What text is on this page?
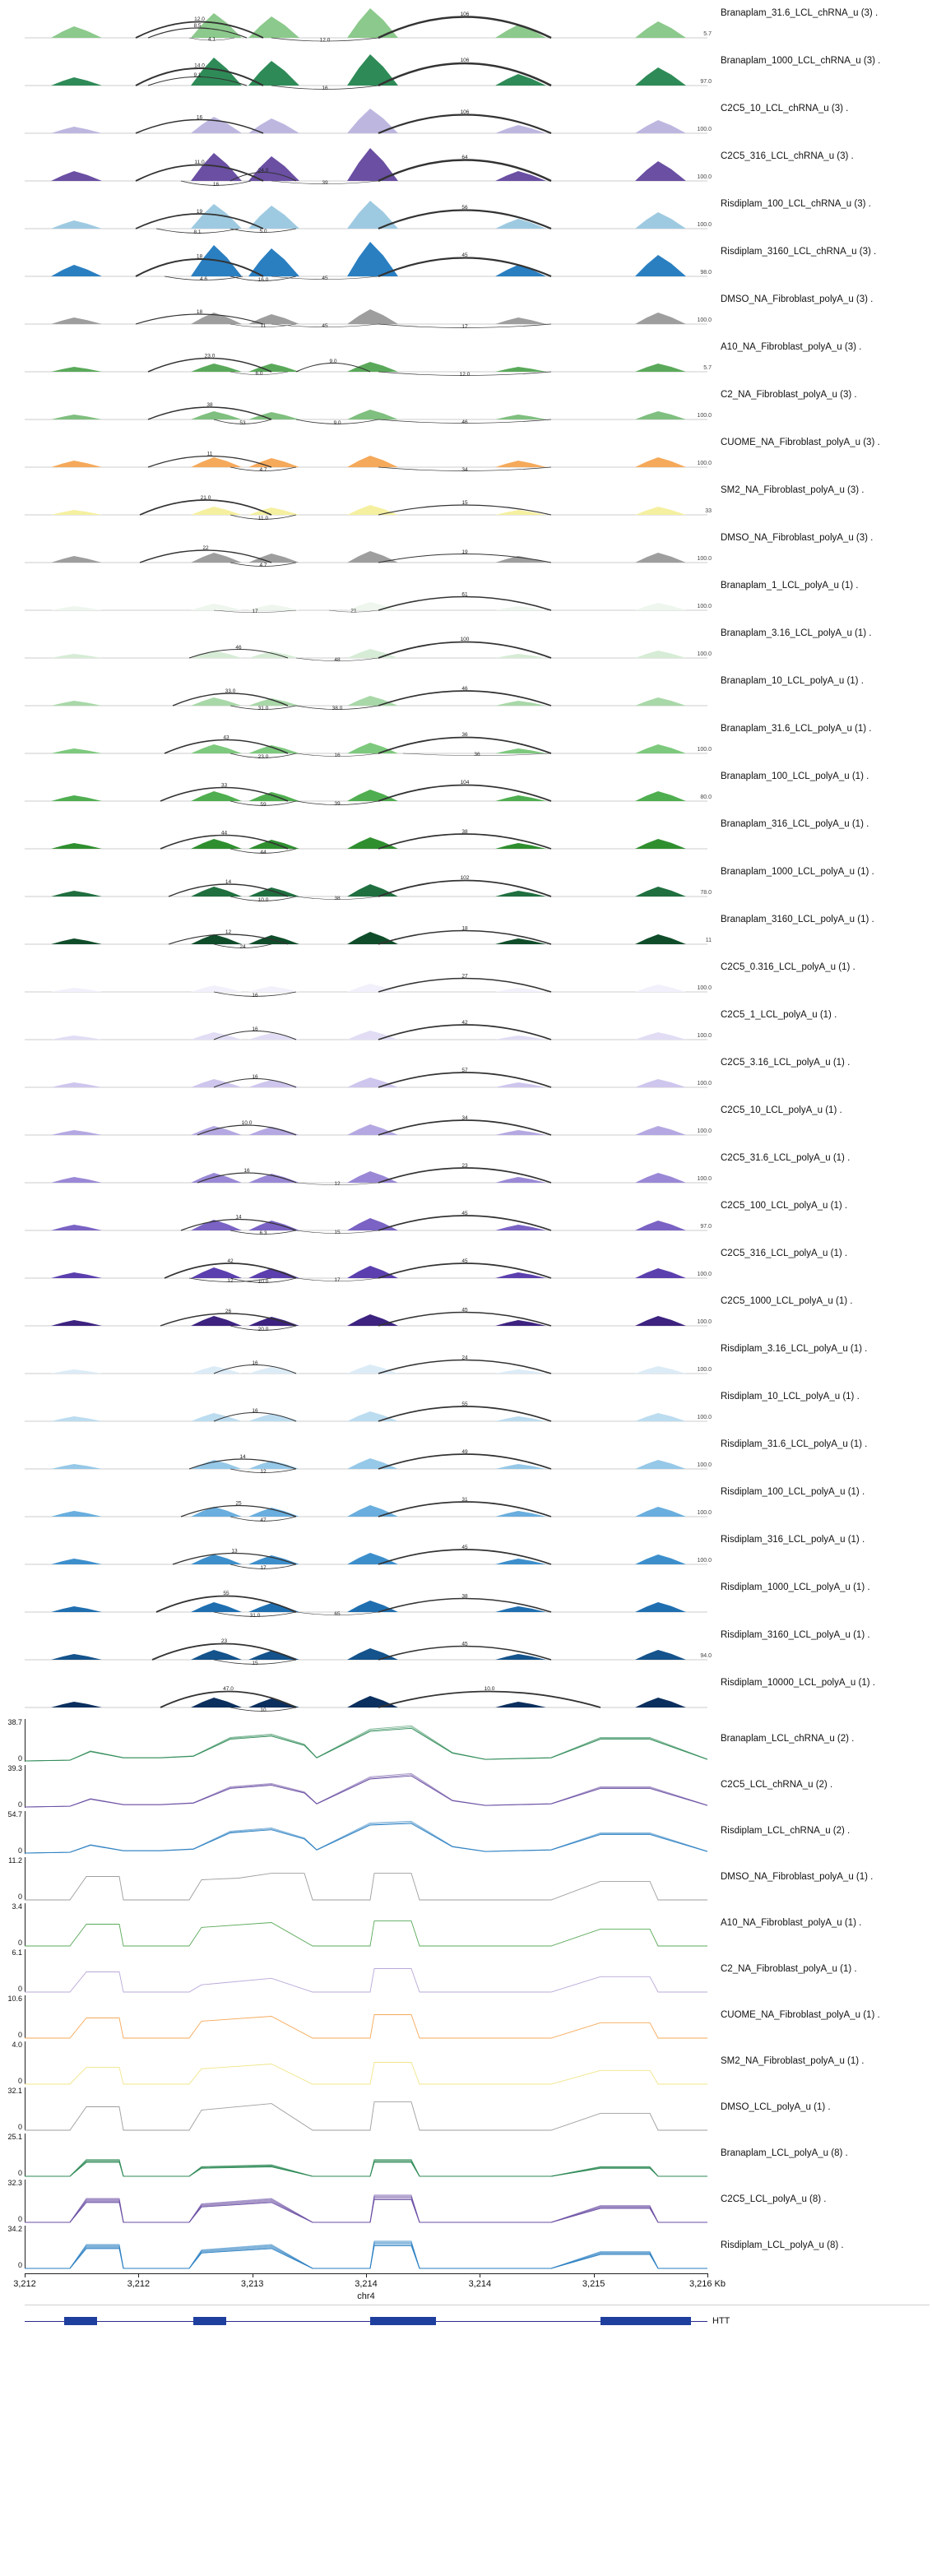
12.0
8.5
12.0
106
4.1
5.7
Branaplam_31.6_LCL_chRNA_u (3) .
14.0
9.1
16
106
97.0
Branaplam_1000_LCL_chRNA_u (3) .
16
106
100.0
C2C5_10_LCL_chRNA_u (3) .
11.0
16
24.0
39
64
100.0
C2C5_316_LCL_chRNA_u (3) .
19
8.1	5.0
56
100.0
Risdiplam_100_LCL_chRNA_u (3) .
18
4.6	45
45
16.0
98.0
Risdiplam_3160_LCL_chRNA_u (3) .
18
45	17
11
100.0
DMSO_NA_Fibroblast_polyA_u (3) .
23.0
9.0
12.0
6.0
5.7
A10_NA_Fibroblast_polyA_u (3) .
38
53	9.0	46
100.0
C2_NA_Fibroblast_polyA_u (3) .
11
4.7	34
100.0
CUOME_NA_Fibroblast_polyA_u (3) .
21.0
11.0
15
33
SM2_NA_Fibroblast_polyA_u (3) .
22
4.7
19
100.0
DMSO_NA_Fibroblast_polyA_u (3) .
17	21
61
100.0
Branaplam_1_LCL_polyA_u (1) .
46
48
100
100.0
Branaplam_3.16_LCL_polyA_u (1) .
33.0
31.0	38.0
46
Branaplam_10_LCL_polyA_u (1) .
43
23.0	16
36
36
100.0
Branaplam_31.6_LCL_polyA_u (1) .
33
59	39
104
80.0
Branaplam_100_LCL_polyA_u (1) .
44
44
38
Branaplam_316_LCL_polyA_u (1) .
14
10.0	38
102
78.0
Branaplam_1000_LCL_polyA_u (1) .
12
24
18
11
Branaplam_3160_LCL_polyA_u (1) .
16
27
100.0
C2C5_0.316_LCL_polyA_u (1) .
16
42
100.0
C2C5_1_LCL_polyA_u (1) .
16
57
100.0
C2C5_3.16_LCL_polyA_u (1) .
10.0
34
100.0
C2C5_10_LCL_polyA_u (1) .
16
12
23
100.0
C2C5_31.6_LCL_polyA_u (1) .
14
6.3	15
45
97.0
C2C5_100_LCL_polyA_u (1) .
42
10.0	17
45
12
100.0
C2C5_316_LCL_polyA_u (1) .
26
20.0
45
100.0
C2C5_1000_LCL_polyA_u (1) .
16
24
100.0
Risdiplam_3.16_LCL_polyA_u (1) .
16
55
100.0
Risdiplam_10_LCL_polyA_u (1) .
14
12
49
100.0
Risdiplam_31.6_LCL_polyA_u (1) .
25
47
31
100.0
Risdiplam_100_LCL_polyA_u (1) .
13
17
45
100.0
Risdiplam_316_LCL_polyA_u (1) .
55
31.0	65
38
Risdiplam_1000_LCL_polyA_u (1) .
23
15
45
94.0
Risdiplam_3160_LCL_polyA_u (1) .
47.0	10.0
10
Risdiplam_10000_LCL_polyA_u (1) .
38.7
0
Branaplam_LCL_chRNA_u (2) .
39.3
0
C2C5_LCL_chRNA_u (2) .
54.7
0
Risdiplam_LCL_chRNA_u (2) .
11.2
0
DMSO_NA_Fibroblast_polyA_u (1) .
3.4
0
A10_NA_Fibroblast_polyA_u (1) .
6.1
0
C2_NA_Fibroblast_polyA_u (1) .
10.6
0
CUOME_NA_Fibroblast_polyA_u (1) .
4.0
0
SM2_NA_Fibroblast_polyA_u (1) .
32.1
0
DMSO_LCL_polyA_u (1) .
25.1
0
Branaplam_LCL_polyA_u (8) .
32.3
0
C2C5_LCL_polyA_u (8) .
34.2
0
Risdiplam_LCL_polyA_u (8) .
3,212	3,212	3,213	3,214	3,214	3,215	3,216 Kb
chr4
HTT
